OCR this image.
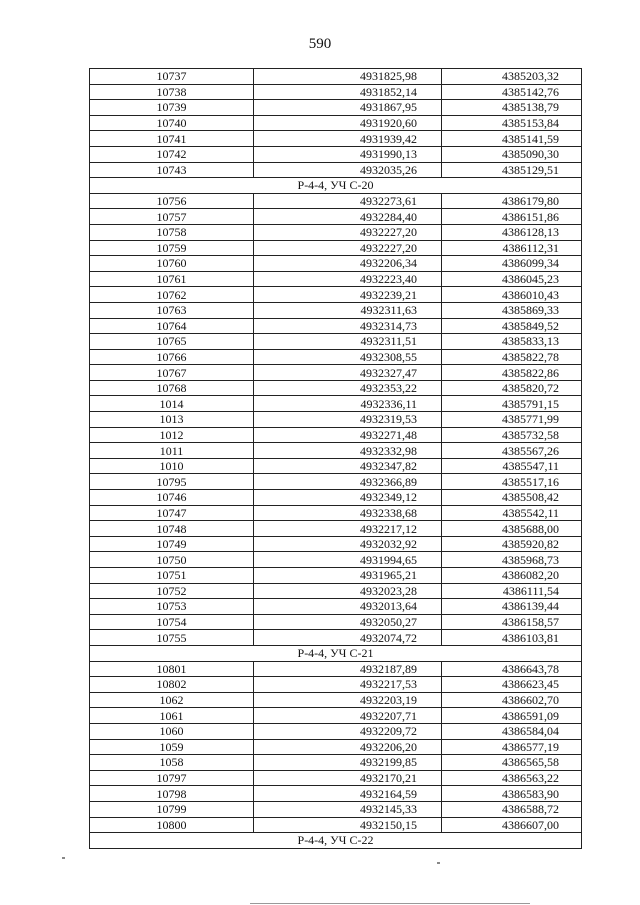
590
10737	4931825,98	4385203,32
10738	4931852,14	4385142,76
10739	4931867,95	4385138,79
10740	4931920,60	4385153,84
10741	4931939,42	4385141,59
10742	4931990,13	4385090,30
10743	4932035,26	4385129,51
Р-4-4, УЧ С-20		
10756	4932273,61	4386179,80
10757	4932284,40	4386151,86
10758	4932227,20	4386128,13
10759	4932227,20	4386112,31
10760	4932206,34	4386099,34
10761	4932223,40	4386045,23
10762	4932239,21	4386010,43
10763	4932311,63	4385869,33
10764	4932314,73	4385849,52
10765	4932311,51	4385833,13
10766	4932308,55	4385822,78
10767	4932327,47	4385822,86
10768	4932353,22	4385820,72
1014	4932336,11	4385791,15
1013	4932319,53	4385771,99
1012	4932271,48	4385732,58
1011	4932332,98	4385567,26
1010	4932347,82	4385547,11
10795	4932366,89	4385517,16
10746	4932349,12	4385508,42
10747	4932338,68	4385542,11
10748	4932217,12	4385688,00
10749	4932032,92	4385920,82
10750	4931994,65	4385968,73
10751	4931965,21	4386082,20
10752	4932023,28	4386111,54
10753	4932013,64	4386139,44
10754	4932050,27	4386158,57
10755	4932074,72	4386103,81
Р-4-4, УЧ С-21		
10801	4932187,89	4386643,78
10802	4932217,53	4386623,45
1062	4932203,19	4386602,70
1061	4932207,71	4386591,09
1060	4932209,72	4386584,04
1059	4932206,20	4386577,19
1058	4932199,85	4386565,58
10797	4932170,21	4386563,22
10798	4932164,59	4386583,90
10799	4932145,33	4386588,72
10800	4932150,15	4386607,00
Р-4-4, УЧ С-22		
